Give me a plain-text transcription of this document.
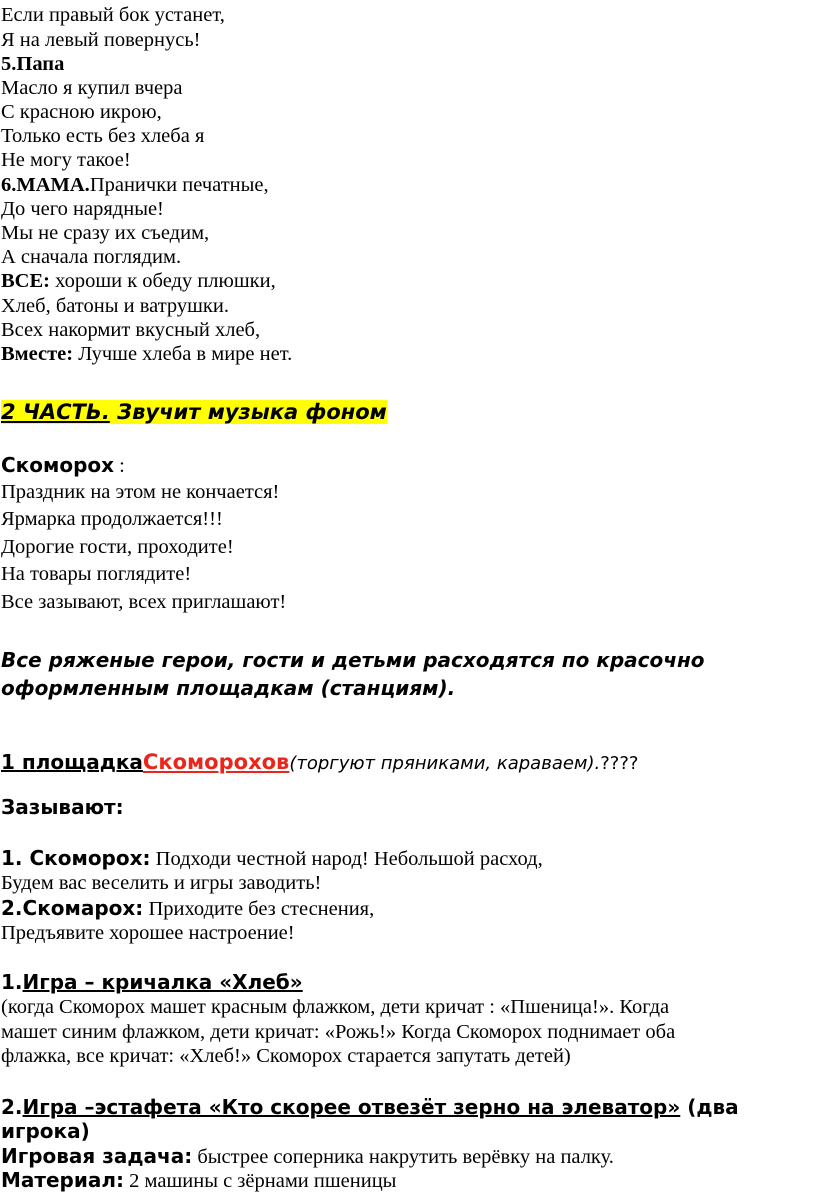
Если правый бок устанет,
Я на левый повернусь!
5.Папа
Масло я купил вчера
С красною икрою,
Только есть без хлеба я
Не могу такое!
6.МАМА.Пранички печатные,
До чего нарядные!
Мы не сразу их съедим,
А сначала поглядим.
ВСЕ: хороши к обеду плюшки,
Хлеб, батоны и ватрушки.
Всех накормит вкусный хлеб,
Вместе: Лучше хлеба в мире нет.
2 ЧАСТЬ. Звучит музыка фоном
Скоморох :
Праздник на этом не кончается!
Ярмарка продолжается!!!
Дорогие гости, проходите!
На товары поглядите!
Все зазывают, всех приглашают!
Все ряженые герои, гости и детьми расходятся по красочно
оформленным площадкам (станциям).
1 площадкаСкоморохов(торгуют пряниками, караваем).????
Зазывают:
1. Скоморох: Подходи честной народ! Небольшой расход,
Будем вас веселить и игры заводить!
2.Скомарох: Приходите без стеснения,
Предъявите хорошее настроение!
1.Игра – кричалка «Хлеб»
(когда Скоморох машет красным флажком, дети кричат : «Пшеница!». Когда
машет синим флажком, дети кричат: «Рожь!» Когда Скоморох поднимает оба
флажка, все кричат: «Хлеб!» Скоморох старается запутать детей)
2.Игра –эстафета «Кто скорее отвезёт зерно на элеватор» (два
игрока)
Игровая задача: быстрее соперника накрутить верёвку на палку.
Материал: 2 машины с зёрнами пшеницы
